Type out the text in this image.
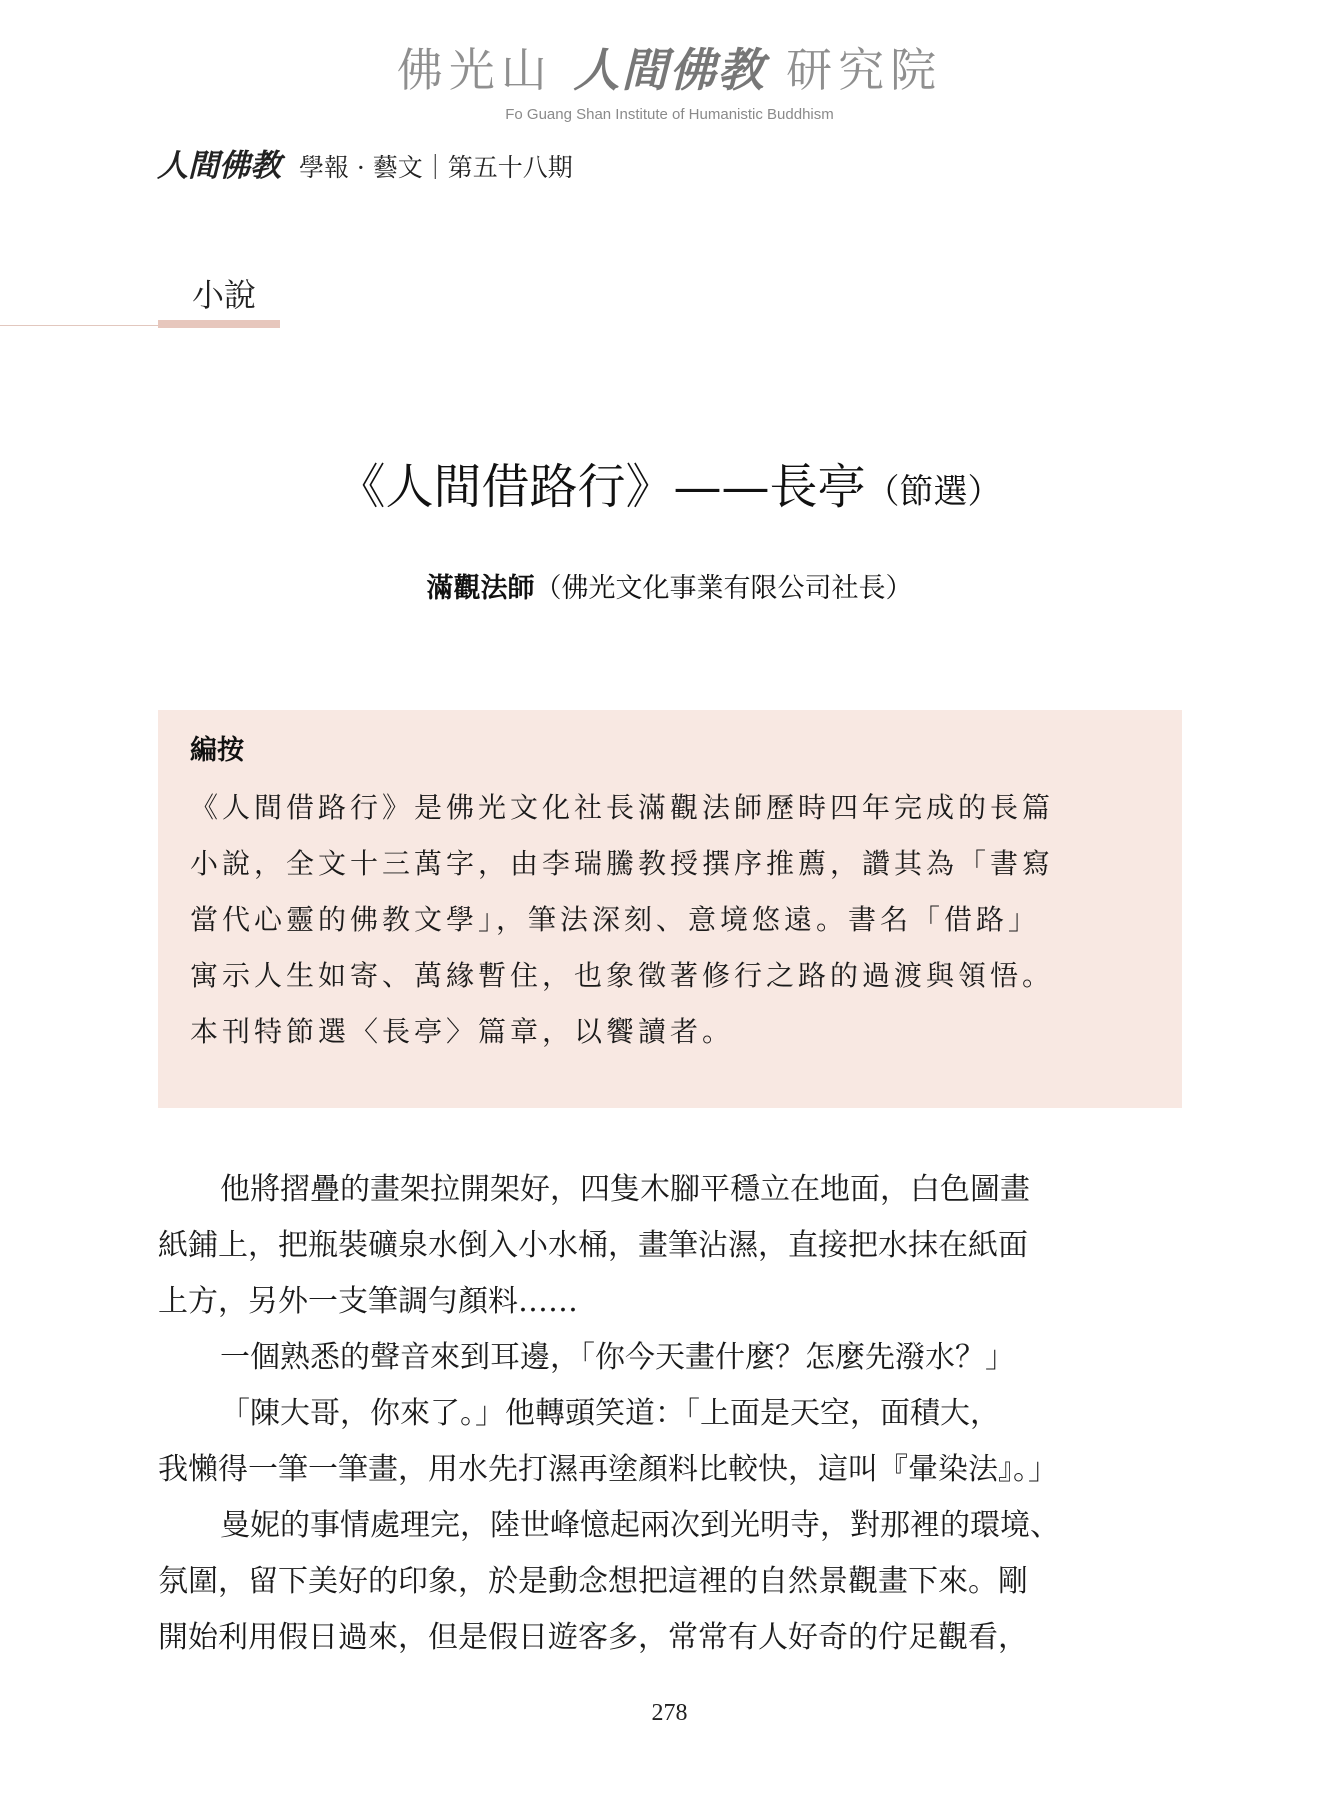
佛光山 人間佛教 研究院
Fo Guang Shan Institute of Humanistic Buddhism
人間佛教 學報 · 藝文｜第五十八期
小說
《人間借路行》——長亭（節選）
滿觀法師（佛光文化事業有限公司社長）
編按
《人間借路行》是佛光文化社長滿觀法師歷時四年完成的長篇
小說，全文十三萬字，由李瑞騰教授撰序推薦，讚其為「書寫
當代心靈的佛教文學」，筆法深刻、意境悠遠。書名「借路」
寓示人生如寄、萬緣暫住，也象徵著修行之路的過渡與領悟。
本刊特節選〈長亭〉篇章，以饗讀者。
他將摺疊的畫架拉開架好，四隻木腳平穩立在地面，白色圖畫
紙鋪上，把瓶裝礦泉水倒入小水桶，畫筆沾濕，直接把水抹在紙面
上方，另外一支筆調勻顏料……
一個熟悉的聲音來到耳邊，「你今天畫什麼？怎麼先潑水？」
「陳大哥，你來了。」他轉頭笑道：「上面是天空，面積大，
我懶得一筆一筆畫，用水先打濕再塗顏料比較快，這叫『暈染法』。」
曼妮的事情處理完，陸世峰憶起兩次到光明寺，對那裡的環境、
氛圍，留下美好的印象，於是動念想把這裡的自然景觀畫下來。剛
開始利用假日過來，但是假日遊客多，常常有人好奇的佇足觀看，
278
